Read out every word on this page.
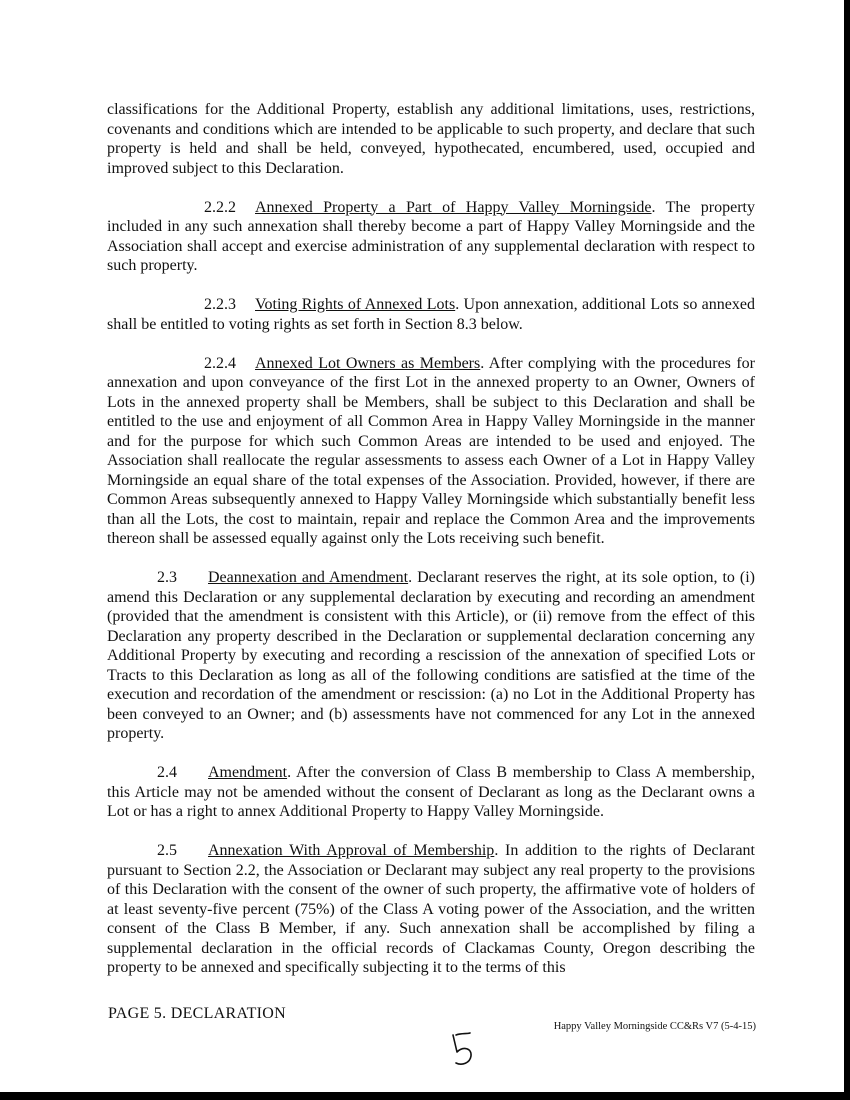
classifications for the Additional Property, establish any additional limitations, uses, restrictions, covenants and conditions which are intended to be applicable to such property, and declare that such property is held and shall be held, conveyed, hypothecated, encumbered, used, occupied and improved subject to this Declaration.

2.2.2 Annexed Property a Part of Happy Valley Morningside. The property included in any such annexation shall thereby become a part of Happy Valley Morningside and the Association shall accept and exercise administration of any supplemental declaration with respect to such property.

2.2.3 Voting Rights of Annexed Lots. Upon annexation, additional Lots so annexed shall be entitled to voting rights as set forth in Section 8.3 below.

2.2.4 Annexed Lot Owners as Members. After complying with the procedures for annexation and upon conveyance of the first Lot in the annexed property to an Owner, Owners of Lots in the annexed property shall be Members, shall be subject to this Declaration and shall be entitled to the use and enjoyment of all Common Area in Happy Valley Morningside in the manner and for the purpose for which such Common Areas are intended to be used and enjoyed. The Association shall reallocate the regular assessments to assess each Owner of a Lot in Happy Valley Morningside an equal share of the total expenses of the Association. Provided, however, if there are Common Areas subsequently annexed to Happy Valley Morningside which substantially benefit less than all the Lots, the cost to maintain, repair and replace the Common Area and the improvements thereon shall be assessed equally against only the Lots receiving such benefit.

2.3 Deannexation and Amendment. Declarant reserves the right, at its sole option, to (i) amend this Declaration or any supplemental declaration by executing and recording an amendment (provided that the amendment is consistent with this Article), or (ii) remove from the effect of this Declaration any property described in the Declaration or supplemental declaration concerning any Additional Property by executing and recording a rescission of the annexation of specified Lots or Tracts to this Declaration as long as all of the following conditions are satisfied at the time of the execution and recordation of the amendment or rescission: (a) no Lot in the Additional Property has been conveyed to an Owner; and (b) assessments have not commenced for any Lot in the annexed property.

2.4 Amendment. After the conversion of Class B membership to Class A membership, this Article may not be amended without the consent of Declarant as long as the Declarant owns a Lot or has a right to annex Additional Property to Happy Valley Morningside.

2.5 Annexation With Approval of Membership. In addition to the rights of Declarant pursuant to Section 2.2, the Association or Declarant may subject any real property to the provisions of this Declaration with the consent of the owner of such property, the affirmative vote of holders of at least seventy-five percent (75%) of the Class A voting power of the Association, and the written consent of the Class B Member, if any. Such annexation shall be accomplished by filing a supplemental declaration in the official records of Clackamas County, Oregon describing the property to be annexed and specifically subjecting it to the terms of this

PAGE 5. DECLARATION
Happy Valley Morningside CC&Rs V7 (5-4-15)
